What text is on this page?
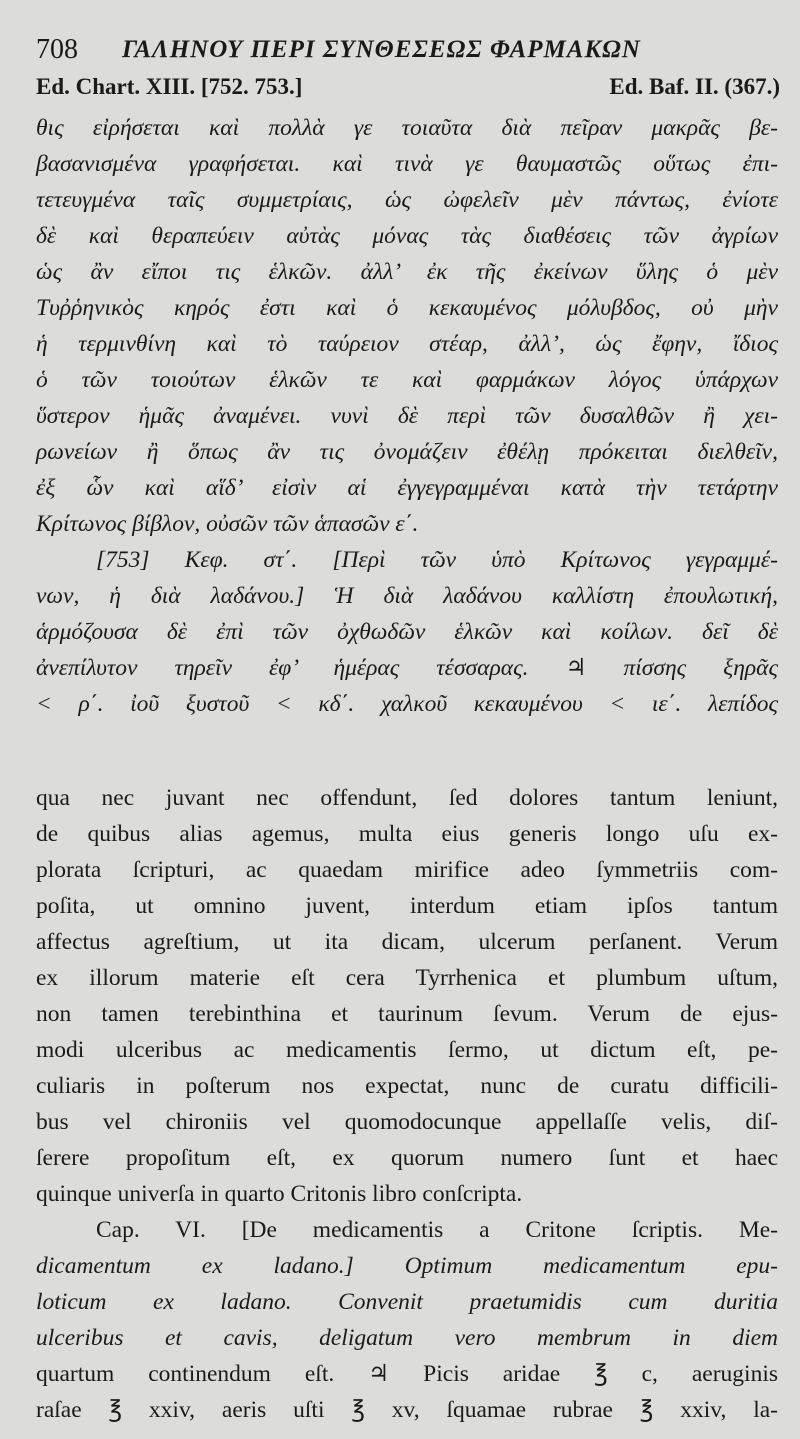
708 ΓΑΛΗΝΟΥ ΠΕΡΙ ΣΥΝΘΕΣΕΩΣ ΦΑΡΜΑΚΩΝ
Ed. Chart. XIII. [752. 753.]	Ed. Baf. II. (367.)
θις εἰρήσεται καὶ πολλὰ γε τοιαῦτα διὰ πεῖραν μακρᾶς βε-
βασανισμένα γραφήσεται. καὶ τινὰ γε θαυμαστῶς οὕτως ἐπι-
τετευγμένα ταῖς συμμετρίαις, ὡς ὠφελεῖν μὲν πάντως, ἐνίοτε
δὲ καὶ θεραπεύειν αὐτὰς μόνας τὰς διαθέσεις τῶν ἀγρίων
ὡς ἂν εἴποι τις ἑλκῶν. ἀλλ’ ἐκ τῆς ἐκείνων ὕλης ὁ μὲν
Τυῤῥηνικὸς κηρός ἐστι καὶ ὁ κεκαυμένος μόλυβδος, οὐ μὴν
ἡ τερμινθίνη καὶ τὸ ταύρειον στέαρ, ἀλλ’, ὡς ἔφην, ἴδιος
ὁ τῶν τοιούτων ἑλκῶν τε καὶ φαρμάκων λόγος ὑπάρχων
ὕστερον ἡμᾶς ἀναμένει. νυνὶ δὲ περὶ τῶν δυσαλθῶν ἢ χει-
ρωνείων ἢ ὅπως ἂν τις ὀνομάζειν ἐθέλῃ πρόκειται διελθεῖν,
ἐξ ὧν καὶ αἵδ’ εἰσὶν αἱ ἐγγεγραμμέναι κατὰ τὴν τετάρτην
Κρίτωνος βίβλον, οὐσῶν τῶν ἁπασῶν ε΄.
[753] Κεφ. στ΄. [Περὶ τῶν ὑπὸ Κρίτωνος γεγραμμέ-
νων, ἡ διὰ λαδάνου.] Ἡ διὰ λαδάνου καλλίστη ἐπουλωτική,
ἁρμόζουσα δὲ ἐπὶ τῶν ὀχθωδῶν ἑλκῶν καὶ κοίλων. δεῖ δὲ
ἀνεπίλυτον τηρεῖν ἐφ’ ἡμέρας τέσσαρας. ♃ πίσσης ξηρᾶς
< ρ΄. ἰοῦ ξυστοῦ < κδ΄. χαλκοῦ κεκαυμένου < ιε΄. λεπίδος
qua nec juvant nec offendunt, ſed dolores tantum leniunt,
de quibus alias agemus, multa eius generis longo uſu ex-
plorata ſcripturi, ac quaedam mirifice adeo ſymmetriis com-
poſita, ut omnino juvent, interdum etiam ipſos tantum
affectus agreſtium, ut ita dicam, ulcerum perſanent. Verum
ex illorum materie eſt cera Tyrrhenica et plumbum uſtum,
non tamen terebinthina et taurinum ſevum. Verum de ejus-
modi ulceribus ac medicamentis ſermo, ut dictum eſt, pe-
culiaris in poſterum nos expectat, nunc de curatu difficili-
bus vel chironiis vel quomodocunque appellaſſe velis, diſ-
ſerere propoſitum eſt, ex quorum numero ſunt et haec
quinque univerſa in quarto Critonis libro conſcripta.
Cap. VI. [De medicamentis a Critone ſcriptis. Me-
dicamentum ex ladano.] Optimum medicamentum epu-
loticum ex ladano. Convenit praetumidis cum duritia
ulceribus et cavis, deligatum vero membrum in diem
quartum continendum eſt. ♃ Picis aridae ℥ c, aeruginis
raſae ℥ xxiv, aeris uſti ℥ xv, ſquamae rubrae ℥ xxiv, la-
